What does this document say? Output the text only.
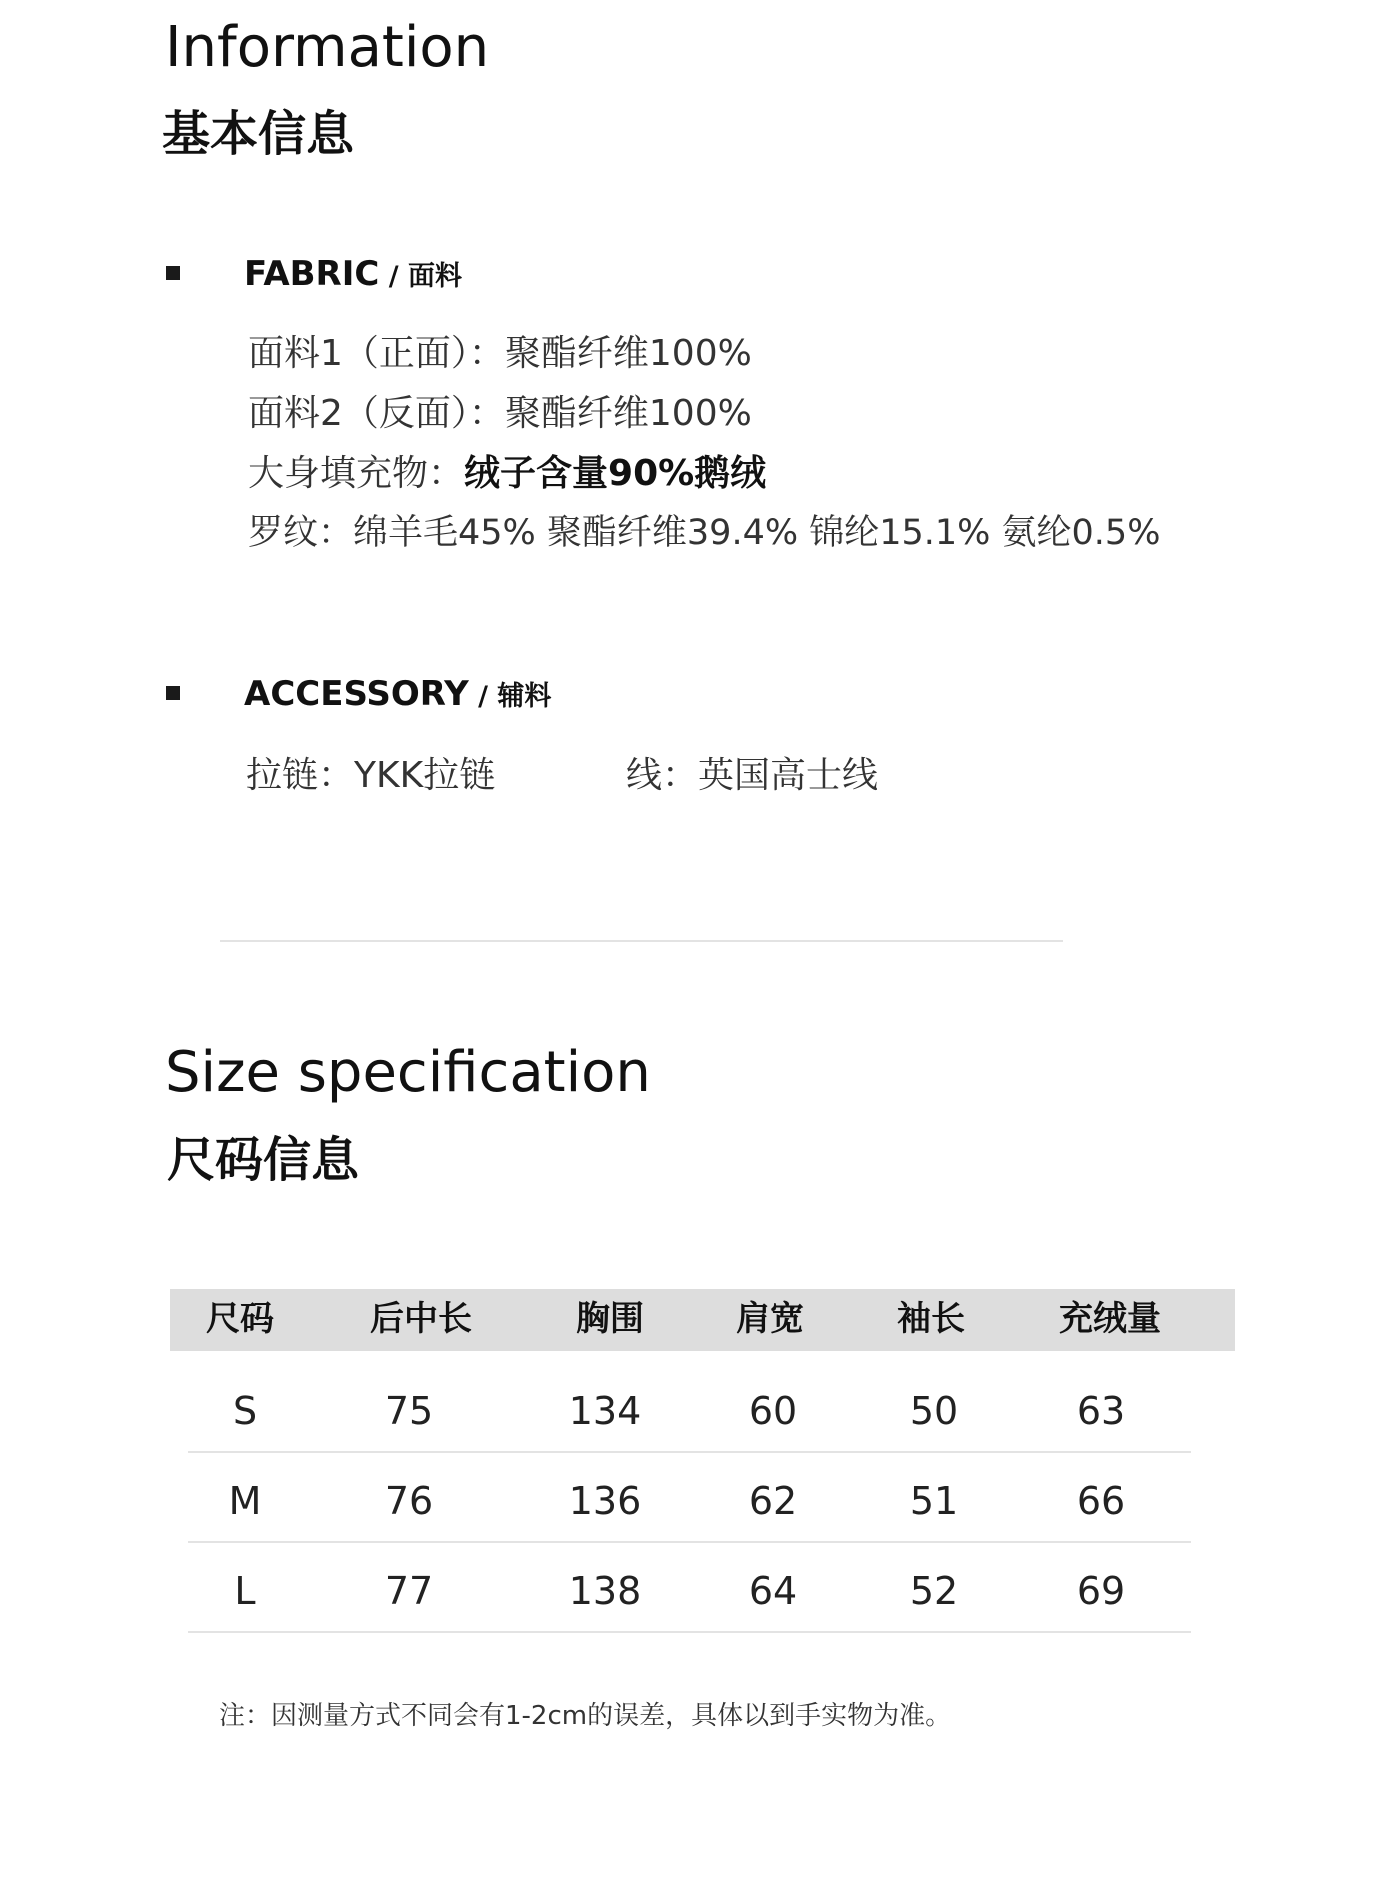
Information
基本信息
FABRIC / 面料
面料1（正面）：聚酯纤维100%
面料2（反面）：聚酯纤维100%
大身填充物：绒子含量90%鹅绒
罗纹：绵羊毛45% 聚酯纤维39.4% 锦纶15.1% 氨纶0.5%
ACCESSORY / 辅料
拉链：YKK拉链	线：英国高士线
Size specification
尺码信息
尺码	后中长	胸围	肩宽	袖长	充绒量
S	75	134	60	50	63
M	76	136	62	51	66
L	77	138	64	52	69
注：因测量方式不同会有1-2cm的误差，具体以到手实物为准。
